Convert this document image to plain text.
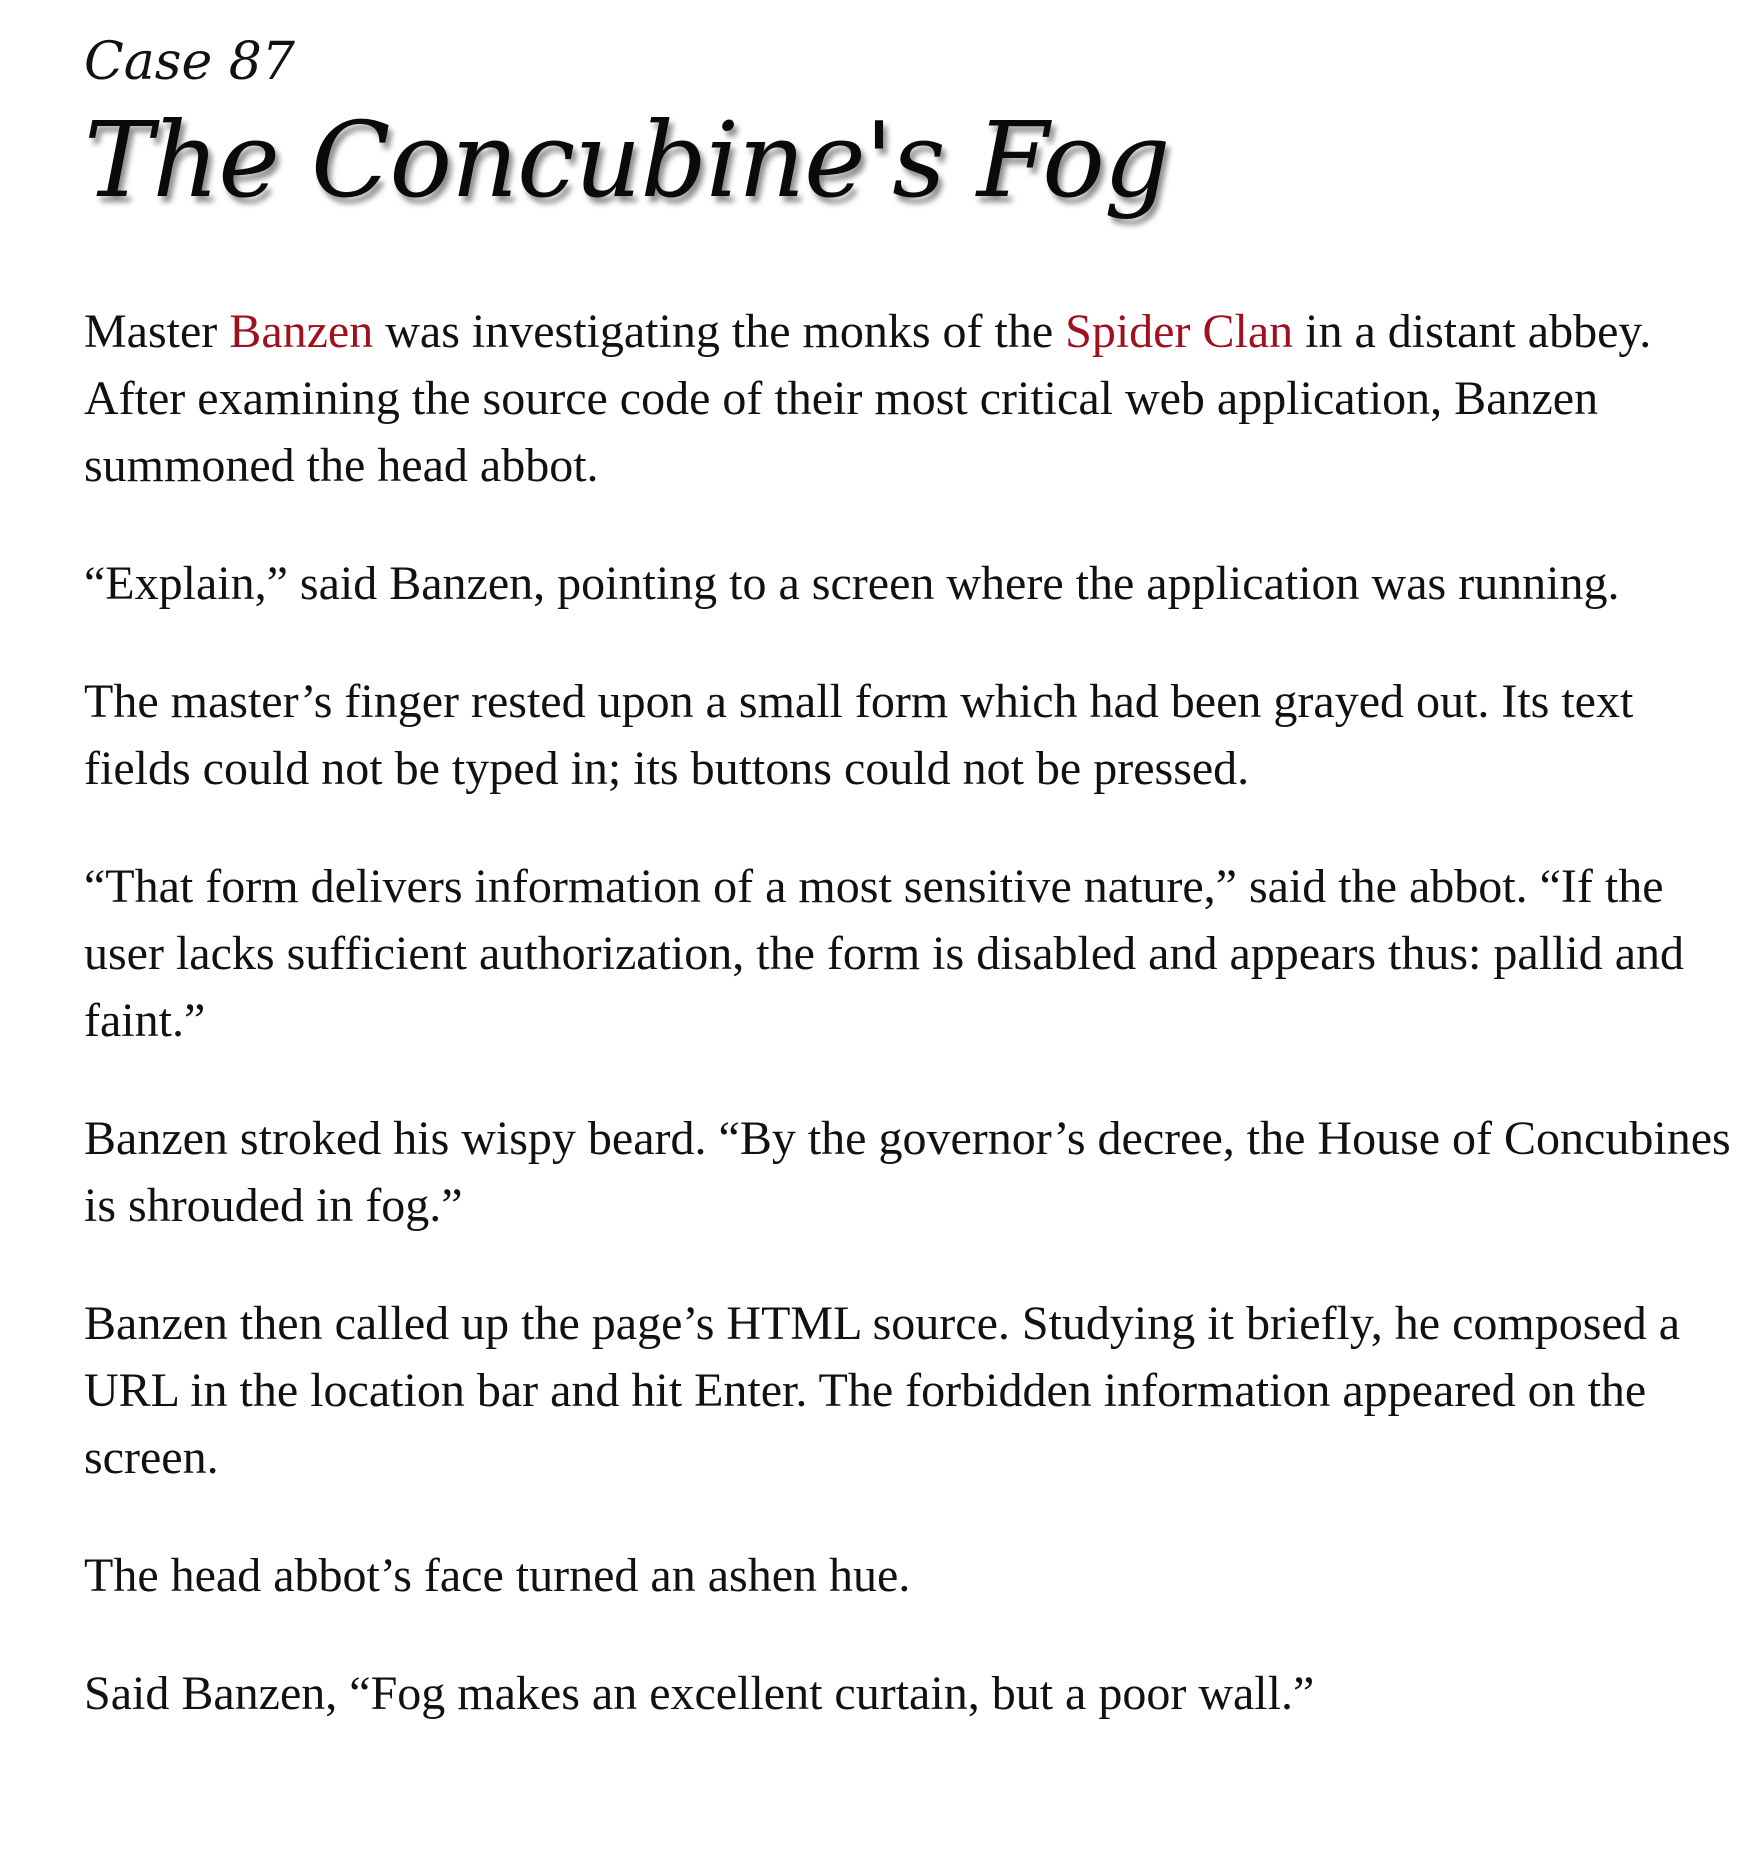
Case 87
The Concubine's Fog

Master Banzen was investigating the monks of the Spider Clan in a distant abbey. After examining the source code of their most critical web application, Banzen summoned the head abbot.

“Explain,” said Banzen, pointing to a screen where the application was running.

The master’s finger rested upon a small form which had been grayed out. Its text fields could not be typed in; its buttons could not be pressed.

“That form delivers information of a most sensitive nature,” said the abbot. “If the user lacks sufficient authorization, the form is disabled and appears thus: pallid and faint.”

Banzen stroked his wispy beard. “By the governor’s decree, the House of Concubines is shrouded in fog.”

Banzen then called up the page’s HTML source. Studying it briefly, he composed a URL in the location bar and hit Enter. The forbidden information appeared on the screen.

The head abbot’s face turned an ashen hue.

Said Banzen, “Fog makes an excellent curtain, but a poor wall.”
